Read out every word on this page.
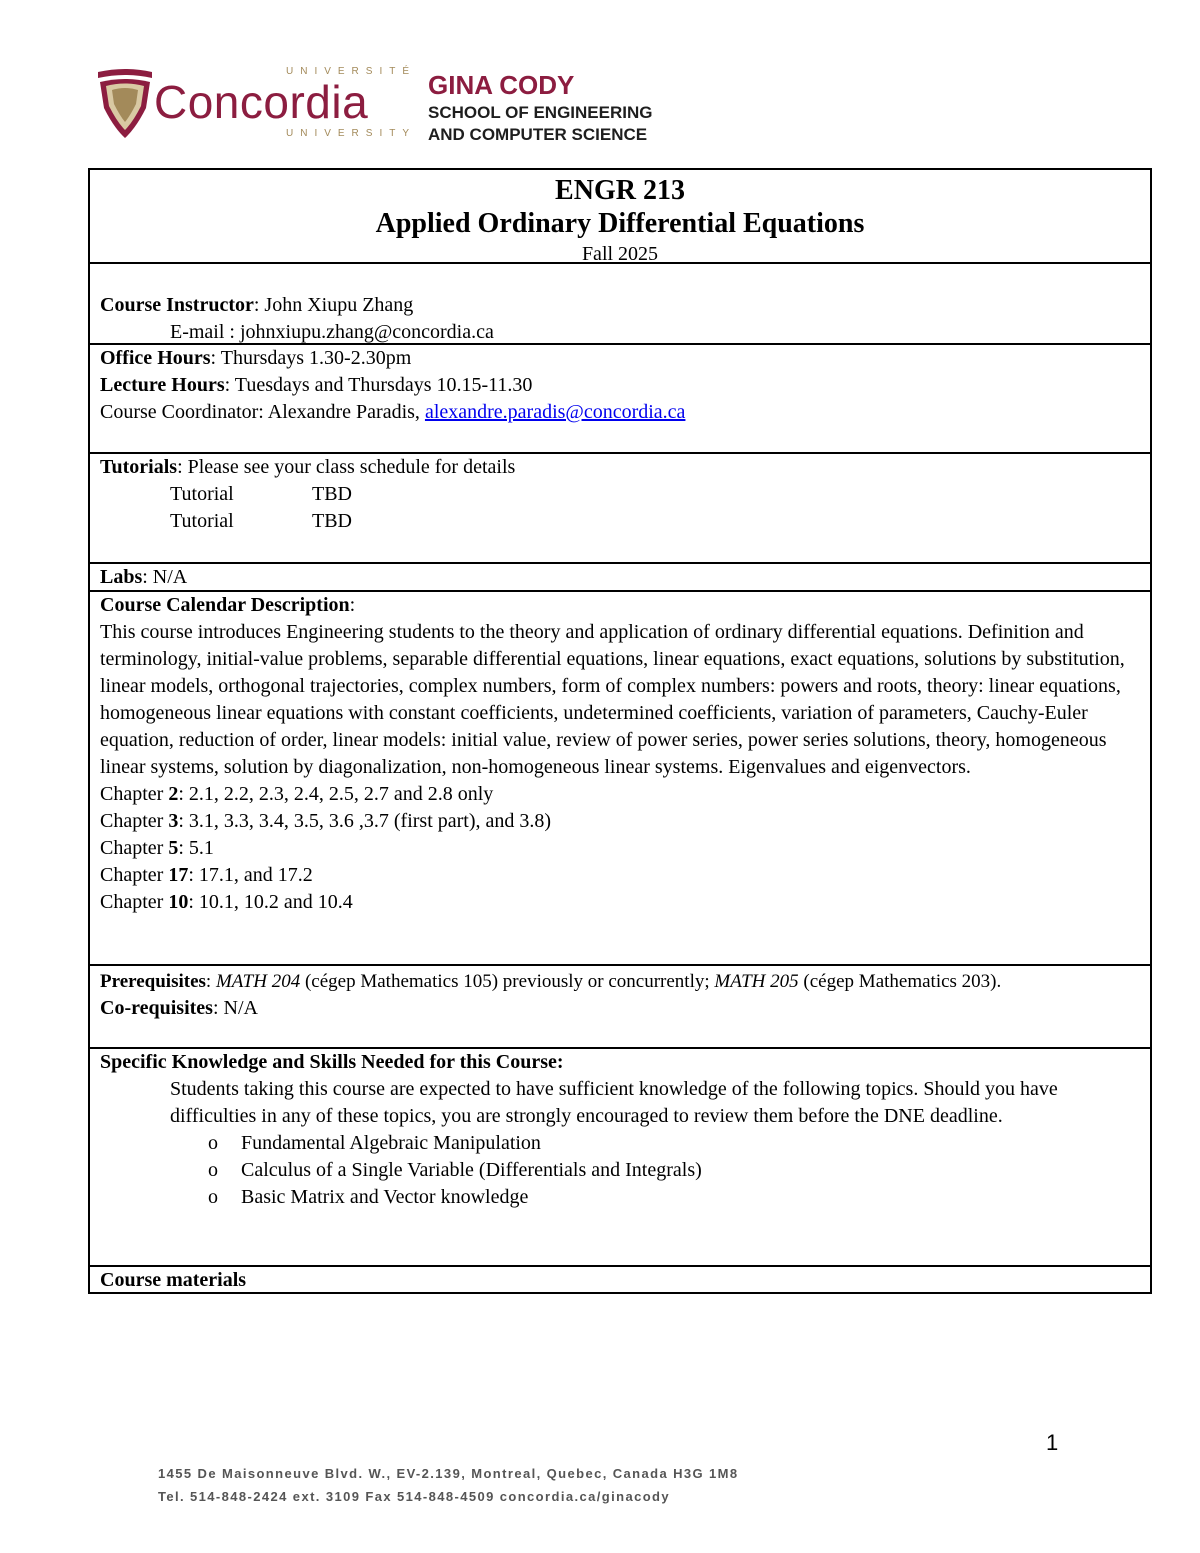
UNIVERSITÉ
Concordia
UNIVERSITY
GINA CODY
SCHOOL OF ENGINEERING
AND COMPUTER SCIENCE
ENGR 213
Applied Ordinary Differential Equations
Fall 2025
Course Instructor: John Xiupu Zhang
E-mail : johnxiupu.zhang@concordia.ca
Office Hours: Thursdays 1.30-2.30pm
Lecture Hours: Tuesdays and Thursdays 10.15-11.30
Course Coordinator: Alexandre Paradis, alexandre.paradis@concordia.ca
Tutorials: Please see your class schedule for details
Tutorial	TBD
Tutorial	TBD
Labs: N/A
Course Calendar Description:
This course introduces Engineering students to the theory and application of ordinary differential equations. Definition and terminology, initial-value problems, separable differential equations, linear equations, exact equations, solutions by substitution, linear models, orthogonal trajectories, complex numbers, form of complex numbers: powers and roots, theory: linear equations, homogeneous linear equations with constant coefficients, undetermined coefficients, variation of parameters, Cauchy-Euler equation, reduction of order, linear models: initial value, review of power series, power series solutions, theory, homogeneous linear systems, solution by diagonalization, non-homogeneous linear systems. Eigenvalues and eigenvectors.
Chapter 2: 2.1, 2.2, 2.3, 2.4, 2.5, 2.7 and 2.8 only
Chapter 3: 3.1, 3.3, 3.4, 3.5, 3.6 ,3.7 (first part), and 3.8)
Chapter 5: 5.1
Chapter 17: 17.1, and 17.2
Chapter 10: 10.1, 10.2 and 10.4
Prerequisites: MATH 204 (cégep Mathematics 105) previously or concurrently; MATH 205 (cégep Mathematics 203).
Co-requisites: N/A
Specific Knowledge and Skills Needed for this Course:
Students taking this course are expected to have sufficient knowledge of the following topics. Should you have difficulties in any of these topics, you are strongly encouraged to review them before the DNE deadline.
o Fundamental Algebraic Manipulation
o Calculus of a Single Variable (Differentials and Integrals)
o Basic Matrix and Vector knowledge
Course materials
1
1455 De Maisonneuve Blvd. W., EV-2.139, Montreal, Quebec, Canada H3G 1M8
Tel. 514-848-2424 ext. 3109 Fax 514-848-4509 concordia.ca/ginacody
